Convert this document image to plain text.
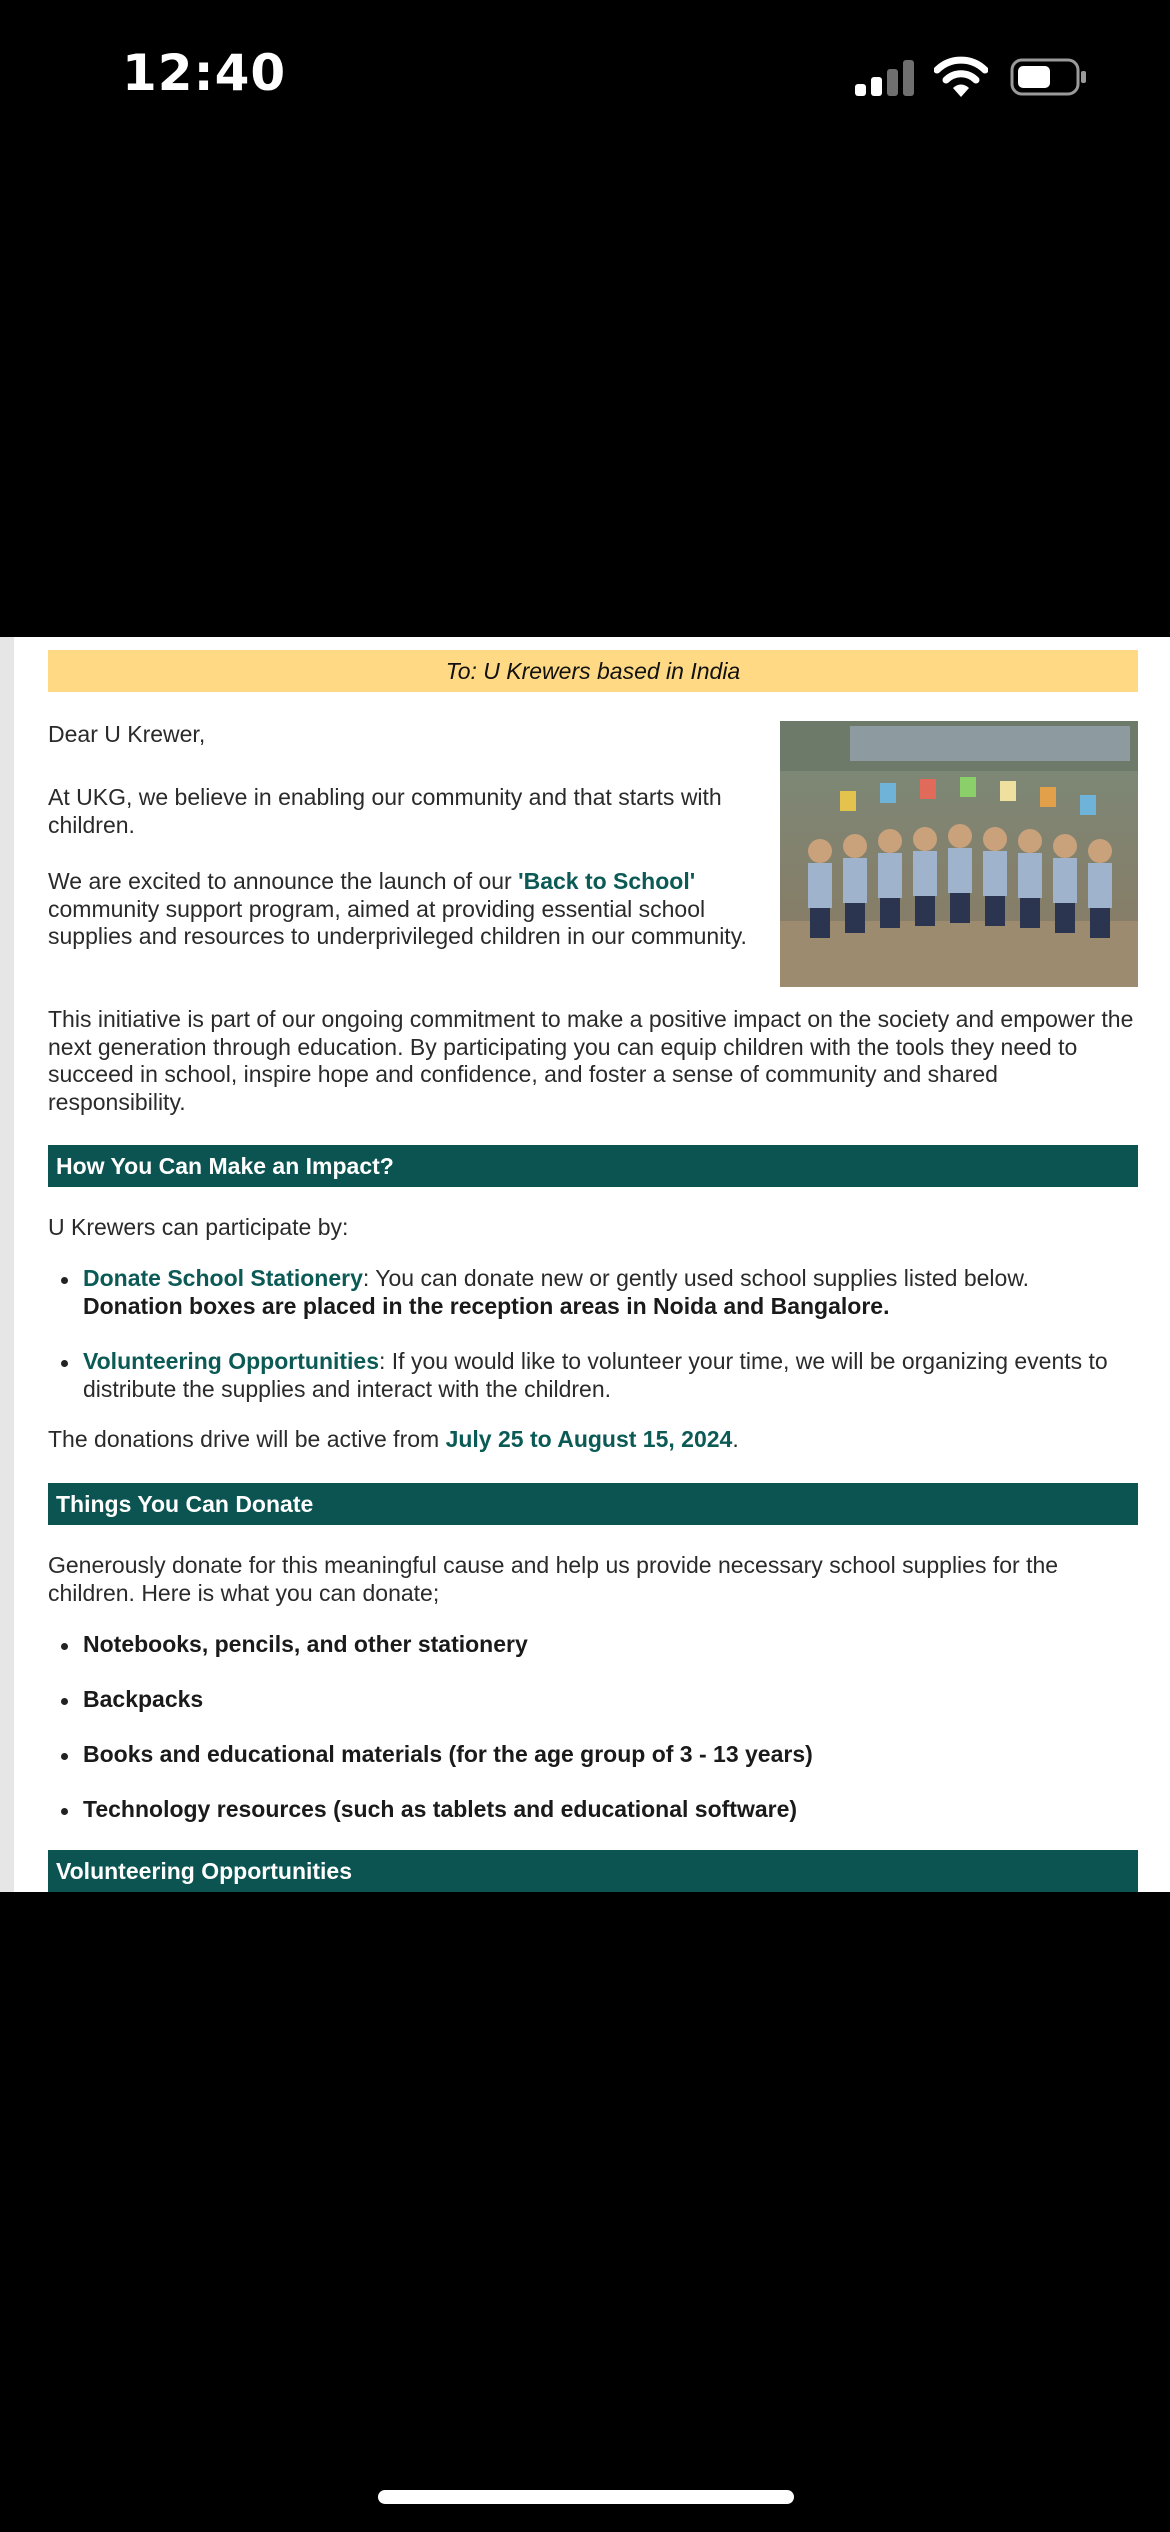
12:40
To: U Krewers based in India
Dear U Krewer,
At UKG, we believe in enabling our community and that starts with children.
We are excited to announce the launch of our 'Back to School' community support program, aimed at providing essential school supplies and resources to underprivileged children in our community.
This initiative is part of our ongoing commitment to make a positive impact on the society and empower the next generation through education. By participating you can equip children with the tools they need to succeed in school, inspire hope and confidence, and foster a sense of community and shared responsibility.
How You Can Make an Impact?
U Krewers can participate by:
Donate School Stationery: You can donate new or gently used school supplies listed below.
Donation boxes are placed in the reception areas in Noida and Bangalore.
Volunteering Opportunities: If you would like to volunteer your time, we will be organizing events to distribute the supplies and interact with the children.
The donations drive will be active from July 25 to August 15, 2024.
Things You Can Donate
Generously donate for this meaningful cause and help us provide necessary school supplies for the children. Here is what you can donate;
Notebooks, pencils, and other stationery
Backpacks
Books and educational materials (for the age group of 3 - 13 years)
Technology resources (such as tablets and educational software)
Volunteering Opportunities
